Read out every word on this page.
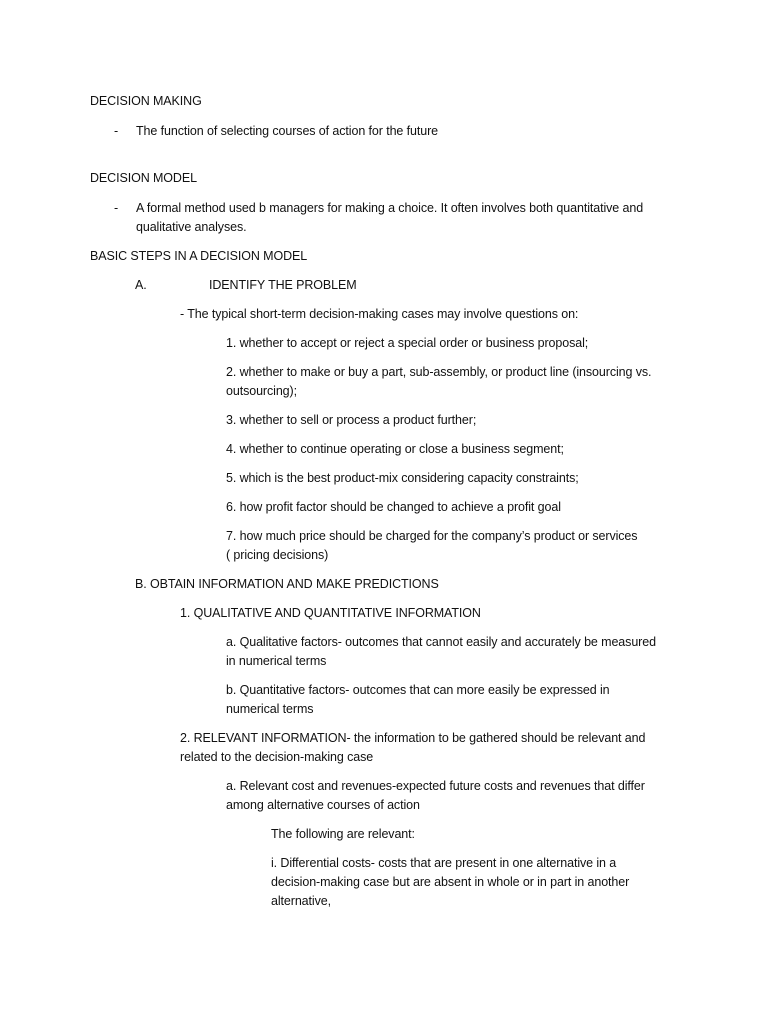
DECISION MAKING
- The function of selecting courses of action for the future
DECISION MODEL
- A formal method used b managers for making a choice. It often involves both quantitative and
qualitative analyses.
BASIC STEPS IN A DECISION MODEL
A.	IDENTIFY THE PROBLEM
- The typical short-term decision-making cases may involve questions on:
1. whether to accept or reject a special order or business proposal;
2. whether to make or buy a part, sub-assembly, or product line (insourcing vs.
outsourcing);
3. whether to sell or process a product further;
4. whether to continue operating or close a business segment;
5. which is the best product-mix considering capacity constraints;
6. how profit factor should be changed to achieve a profit goal
7. how much price should be charged for the company’s product or services
( pricing decisions)
B. OBTAIN INFORMATION AND MAKE PREDICTIONS
1. QUALITATIVE AND QUANTITATIVE INFORMATION
a. Qualitative factors- outcomes that cannot easily and accurately be measured
in numerical terms
b. Quantitative factors- outcomes that can more easily be expressed in
numerical terms
2. RELEVANT INFORMATION- the information to be gathered should be relevant and
related to the decision-making case
a. Relevant cost and revenues-expected future costs and revenues that differ
among alternative courses of action
The following are relevant:
i. Differential costs- costs that are present in one alternative in a
decision-making case but are absent in whole or in part in another
alternative,
